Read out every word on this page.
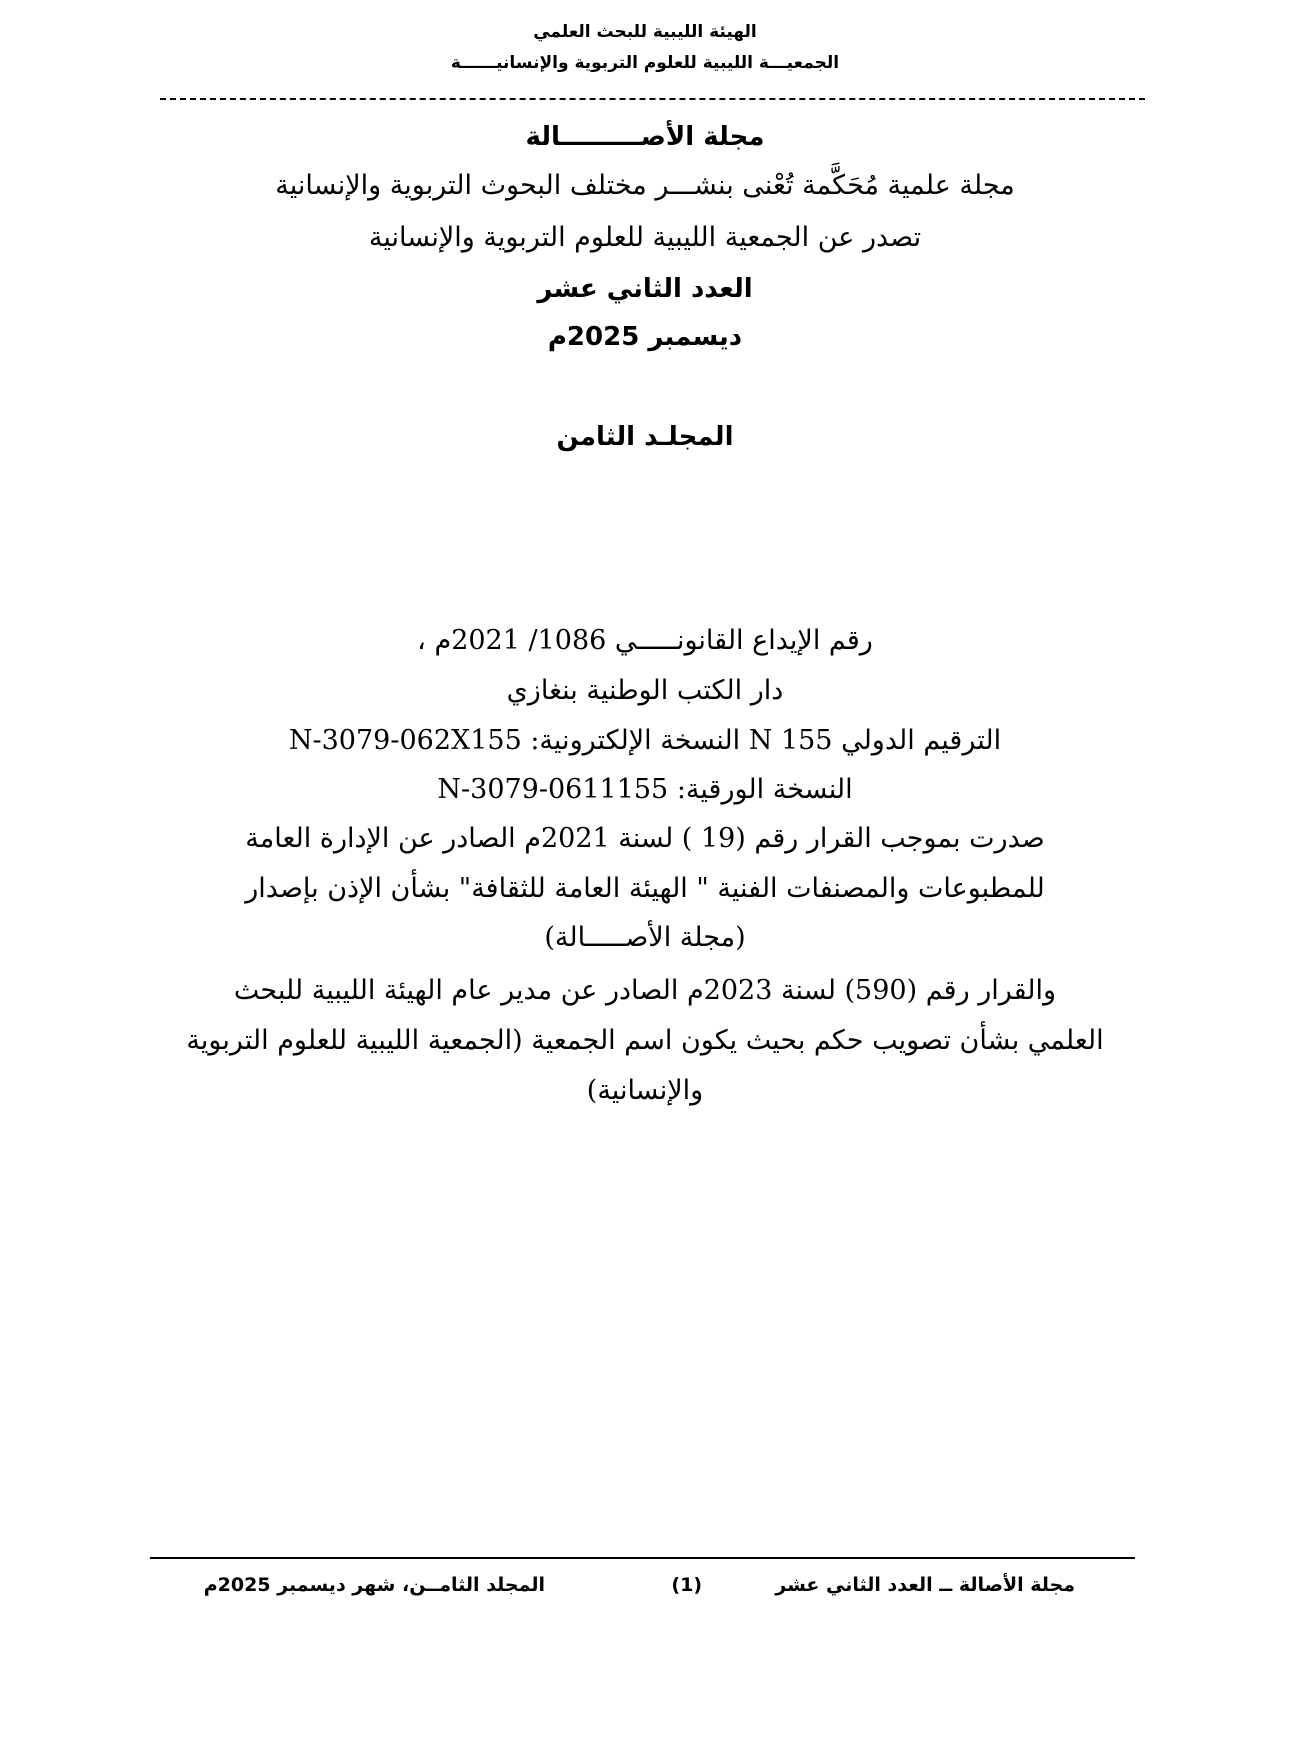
الهيئة الليبية للبحث العلمي
الجمعيـــة الليبية للعلوم التربوية والإنسانيــــــة
مجلة الأصـــــــــالة
مجلة علمية مُحَكَّمة تُعْنى بنشـــر مختلف البحوث التربوية والإنسانية
تصدر عن الجمعية الليبية للعلوم التربوية والإنسانية
العدد الثاني عشر
ديسمبر 2025م
المجلـد الثامن
رقم الإيداع القانونـــــي 1086/ 2021م ،
دار الكتب الوطنية بنغازي
الترقيم الدولي 155 N النسخة الإلكترونية: N-3079-062X155
النسخة الورقية: N-3079-0611155
صدرت بموجب القرار رقم (19 ) لسنة 2021م الصادر عن الإدارة العامة
للمطبوعات والمصنفات الفنية " الهيئة العامة للثقافة" بشأن الإذن بإصدار
(مجلة الأصـــــالة)
والقرار رقم (590) لسنة 2023م الصادر عن مدير عام الهيئة الليبية للبحث
العلمي بشأن تصويب حكم بحيث يكون اسم الجمعية (الجمعية الليبية للعلوم التربوية
والإنسانية)
مجلة الأصالة ــ العدد الثاني عشر
(1)
المجلد الثامــن، شهر ديسمبر 2025م
